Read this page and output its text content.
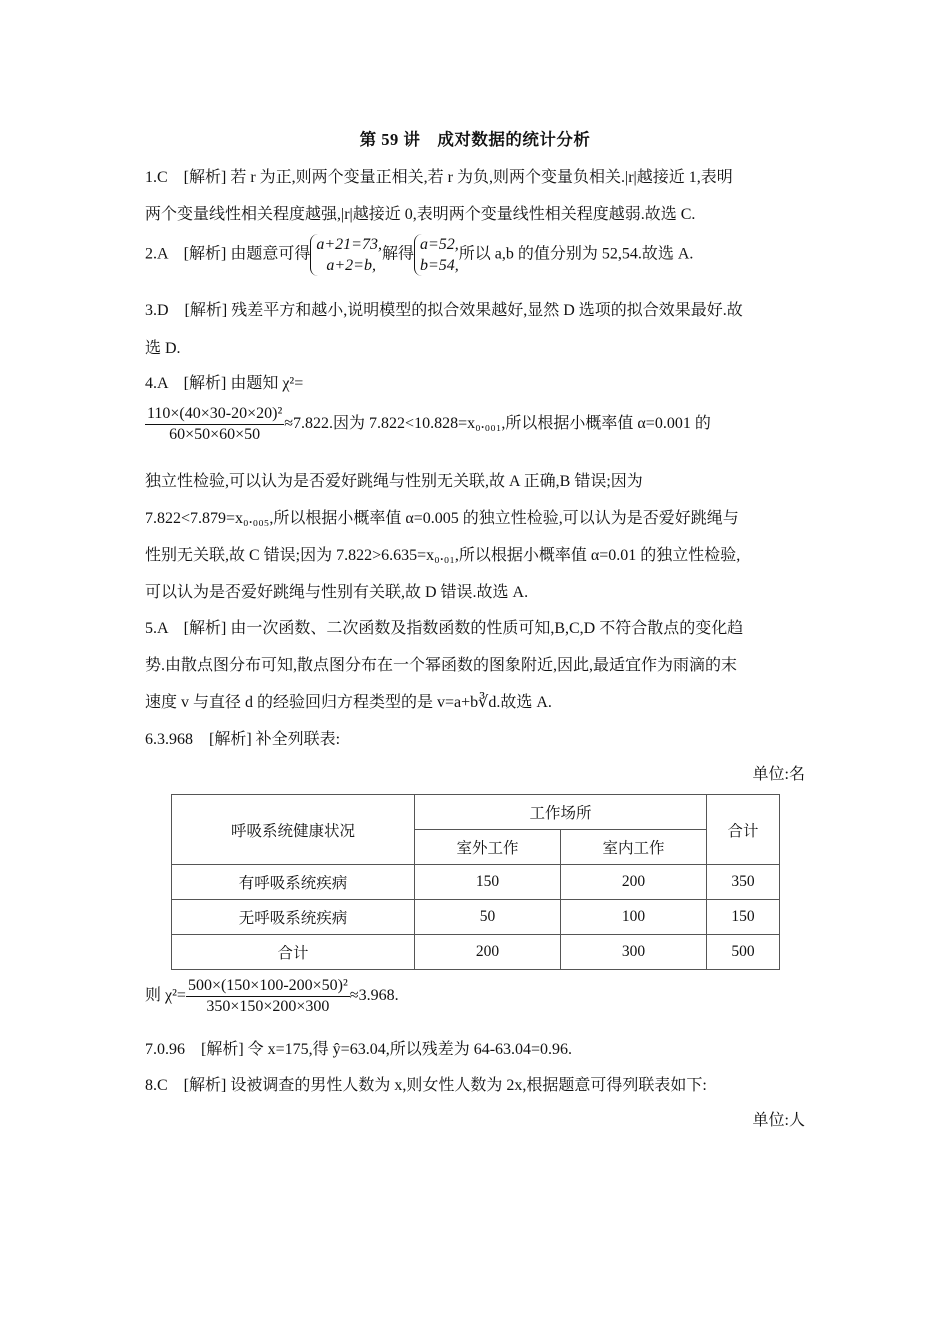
第 59 讲　成对数据的统计分析
1.C　[解析] 若 r 为正,则两个变量正相关,若 r 为负,则两个变量负相关.|r|越接近 1,表明
两个变量线性相关程度越强,|r|越接近 0,表明两个变量线性相关程度越弱.故选 C.
2.A　[解析] 由题意可得
a+21=73,
a+2=b,
解得
a=52,
b=54,
所以 a,b 的值分别为 52,54.故选 A.
3.D　[解析] 残差平方和越小,说明模型的拟合效果越好,显然 D 选项的拟合效果最好.故
选 D.
4.A　[解析] 由题知 χ²=
$\frac{\text{110×(40×30-20×20)²}}{60\times 50\times 60\times 50} \approx 7.822$.因为 7.822<10.828=x₀.₀₀₁,所以根据小概率值 α=0.001 的
独立性检验,可以认为是否爱好跳绳与性别无关联,故 A 正确,B 错误;因为
7.822<7.879=x₀.₀₀₅,所以根据小概率值 α=0.005 的独立性检验,可以认为是否爱好跳绳与
性别无关联,故 C 错误;因为 7.822>6.635=x₀.₀₁,所以根据小概率值 α=0.01 的独立性检验,
可以认为是否爱好跳绳与性别有关联,故 D 错误.故选 A.
5.A　[解析] 由一次函数、二次函数及指数函数的性质可知,B,C,D 不符合散点的变化趋
势.由散点图分布可知,散点图分布在一个幂函数的图象附近,因此,最适宜作为雨滴的末
速度 v 与直径 d 的经验回归方程类型的是 v=a+b∛d.故选 A.
6.3.968　[解析] 补全列联表:
单位:名
呼吸系统健康状况	工作场所		合计
	室外工作	室内工作	
有呼吸系统疾病	150	200	350
无呼吸系统疾病	50	100	150
合计	200	300	500
则 $\chi^2= \frac{\text{500×(150×100-200×50)²}}{350\times 150\times 200\times 300} \approx 3.968$.
7.0.96　[解析] 令 x=175,得 ŷ=63.04,所以残差为 64-63.04=0.96.
8.C　[解析] 设被调查的男性人数为 x,则女性人数为 2x,根据题意可得列联表如下:
单位:人
